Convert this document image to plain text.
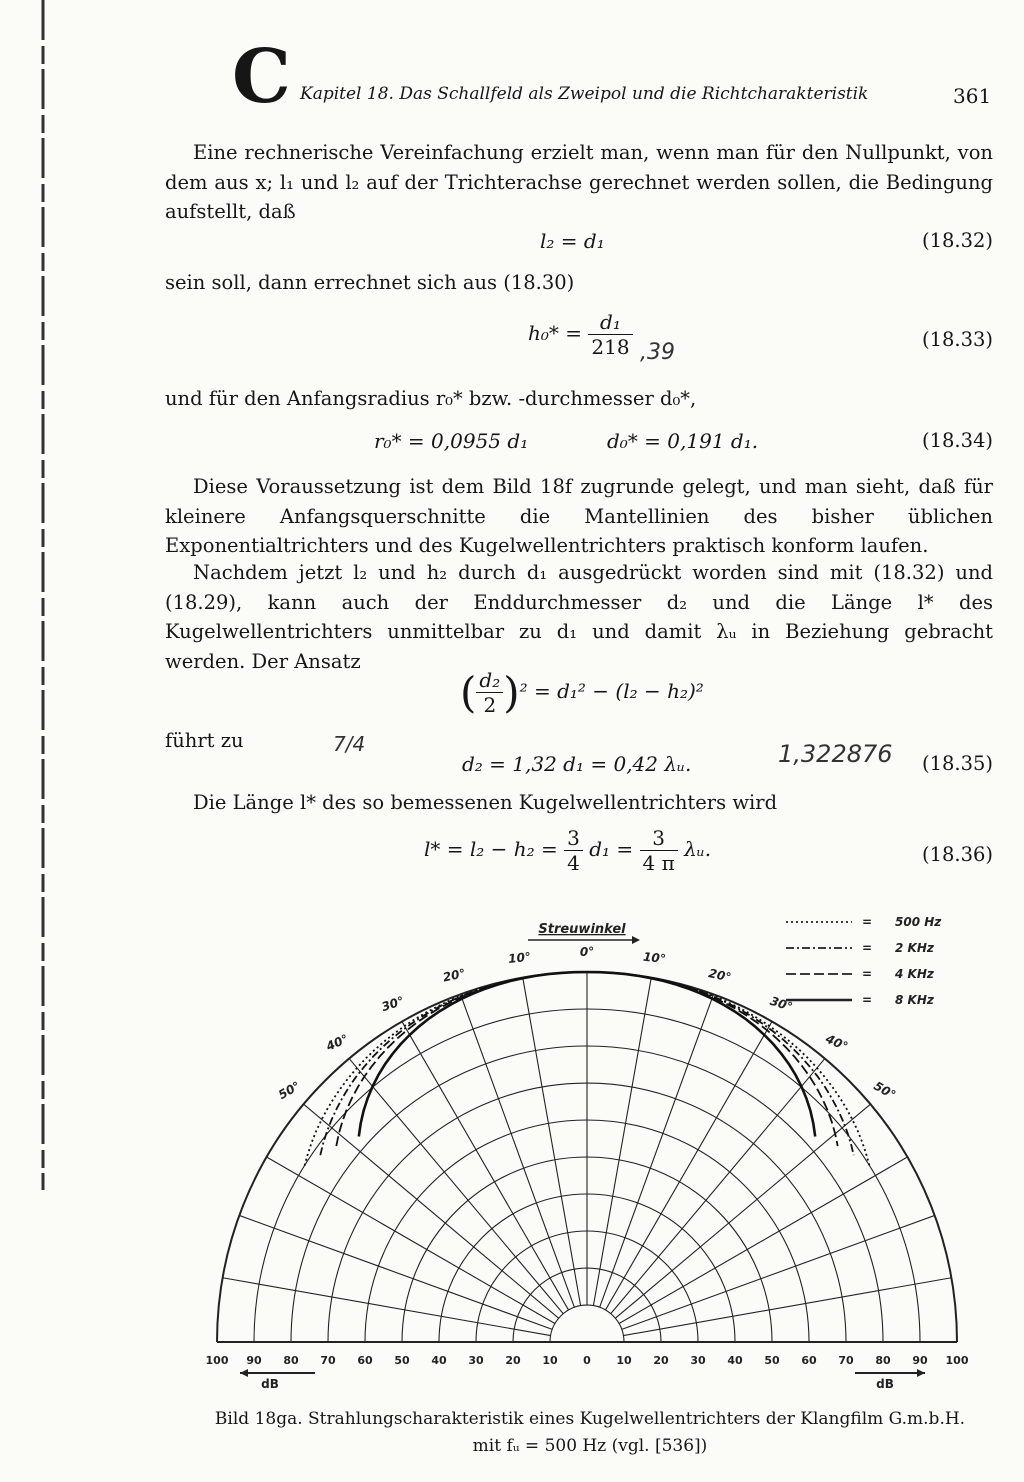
C Kapitel 18. Das Schallfeld als Zweipol und die Richtcharakteristik	361
Eine rechnerische Vereinfachung erzielt man, wenn man für den Nullpunkt, von dem aus x; l₁ und l₂ auf der Trichterachse gerechnet werden sollen, die Bedingung aufstellt, daß
l₂ = d₁	(18.32)
sein soll, dann errechnet sich aus (18.30)
$h_0* = \frac{\text{d₁}}{218} ,39$
(18.33)
und für den Anfangsradius r₀* bzw. -durchmesser d₀*,
r₀* = 0,0955 d₁	d₀* = 0,191 d₁.	(18.34)
Diese Voraussetzung ist dem Bild 18f zugrunde gelegt, und man sieht, daß für kleinere Anfangsquerschnitte die Mantellinien des bisher üblichen Exponentialtrichters und des Kugelwellentrichters praktisch konform laufen.
Nachdem jetzt l₂ und h₂ durch d₁ ausgedrückt worden sind mit (18.32) und (18.29), kann auch der Enddurchmesser d₂ und die Länge l* des Kugelwellentrichters unmittelbar zu d₁ und damit λᵤ in Beziehung gebracht werden. Der Ansatz
( $\frac{\text{d₂}}{2} )^2 = d_1^2 - (l_2 - h_2)^2$
führt zu	7/4
d₂ = 1,32 d₁ = 0,42 λᵤ.	1,322876 (18.35)
Die Länge l* des so bemessenen Kugelwellentrichters wird
$l* = l_2 - h_2 = \frac{3}{4} d_1 = \frac{3}{4 \pi}$ λᵤ.	(18.36)
100 90 80 70 60 50 40 30 20 10 0 10 20 30 40 50 60 70 80 90 100
dB	dB
0°
10°	10°
20°	20°
30°	30°
40°	40°
50°	50°
Streuwinkel	= 500 Hz
= 2 KHz
= 4 KHz
= 8 KHz
Bild 18ga. Strahlungscharakteristik eines Kugelwellentrichters der Klangfilm G.m.b.H.
mit fᵤ = 500 Hz (vgl. [536])
